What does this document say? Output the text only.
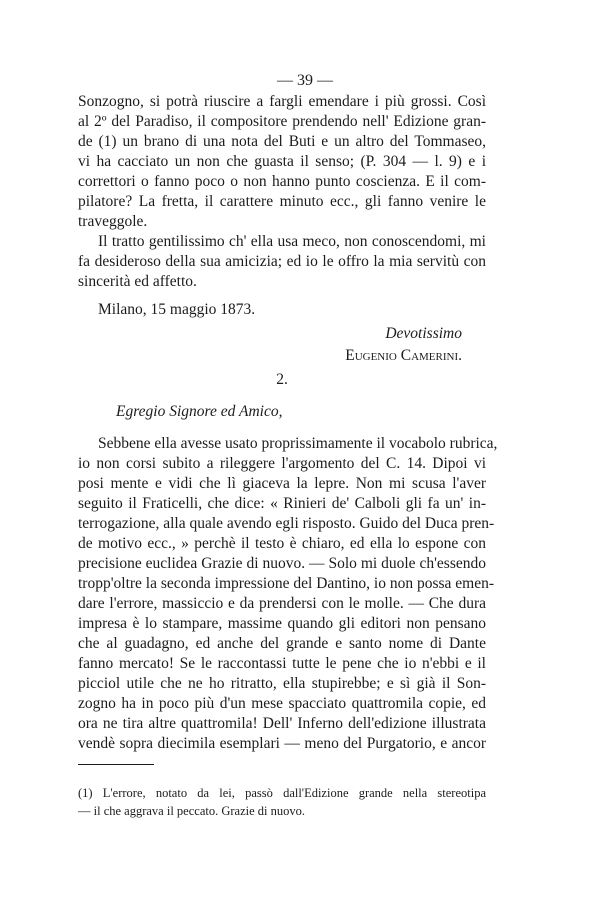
— 39 —
Sonzogno, si potrà riuscire a fargli emendare i più grossi. Così
al 2º del Paradiso, il compositore prendendo nell' Edizione gran-
de (1) un brano di una nota del Buti e un altro del Tommaseo,
vi ha cacciato un non che guasta il senso; (P. 304 — l. 9) e i
correttori o fanno poco o non hanno punto coscienza. E il com-
pilatore? La fretta, il carattere minuto ecc., gli fanno venire le
traveggole.
Il tratto gentilissimo ch' ella usa meco, non conoscendomi, mi
fa desideroso della sua amicizia; ed io le offro la mia servitù con
sincerità ed affetto.
Milano, 15 maggio 1873.
Devotissimo
Eugenio Camerini.
2.
Egregio Signore ed Amico,
Sebbene ella avesse usato proprissimamente il vocabolo rubrica,
io non corsi subito a rileggere l'argomento del C. 14. Dipoi vi
posi mente e vidi che lì giaceva la lepre. Non mi scusa l'aver
seguito il Fraticelli, che dice: « Rinieri de' Calboli gli fa un' in-
terrogazione, alla quale avendo egli risposto. Guido del Duca pren-
de motivo ecc., » perchè il testo è chiaro, ed ella lo espone con
precisione euclidea Grazie di nuovo. — Solo mi duole ch'essendo
tropp'oltre la seconda impressione del Dantino, io non possa emen-
dare l'errore, massiccio e da prendersi con le molle. — Che dura
impresa è lo stampare, massime quando gli editori non pensano
che al guadagno, ed anche del grande e santo nome di Dante
fanno mercato! Se le raccontassi tutte le pene che io n'ebbi e il
picciol utile che ne ho ritratto, ella stupirebbe; e sì già il Son-
zogno ha in poco più d'un mese spacciato quattromila copie, ed
ora ne tira altre quattromila! Dell' Inferno dell'edizione illustrata
vendè sopra diecimila esemplari — meno del Purgatorio, e ancor
(1) L'errore, notato da lei, passò dall'Edizione grande nella stereotipa
— il che aggrava il peccato. Grazie di nuovo.
